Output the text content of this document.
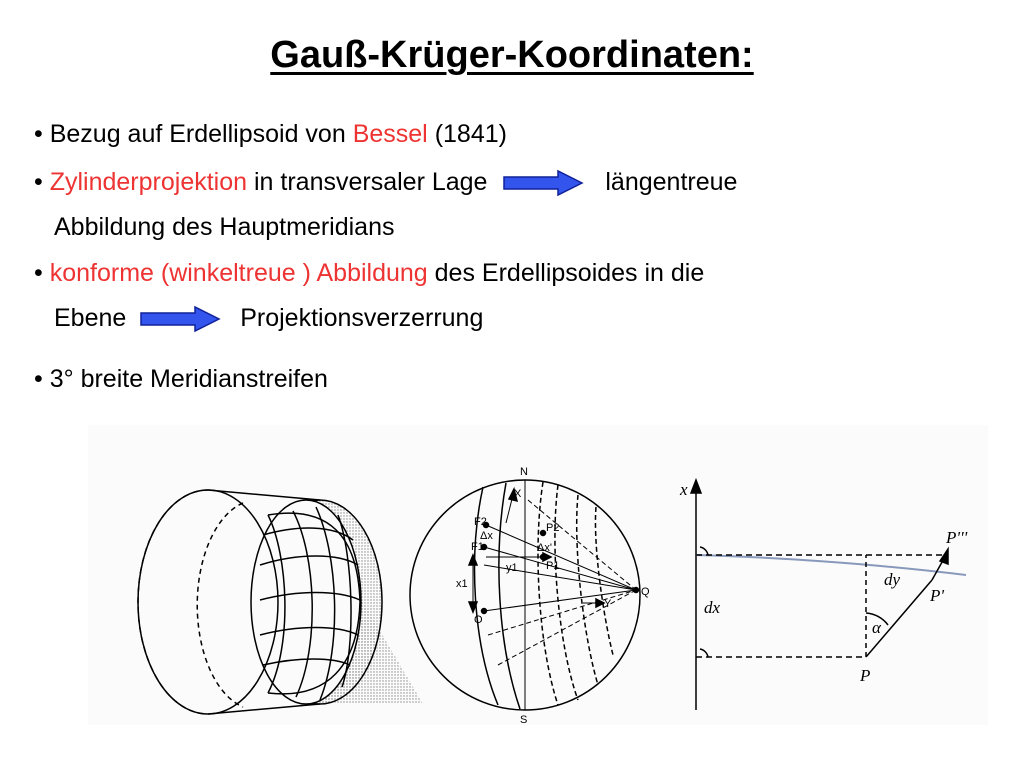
Gauß-Krüger-Koordinaten:
• Bezug auf Erdellipsoid von Bessel (1841)
• Zylinderprojektion in transversaler Lage	längentreue
Abbildung des Hauptmeridians
• konforme (winkeltreue ) Abbildung des Erdellipsoides in die
Ebene	Projektionsverzerrung
• 3° breite Meridianstreifen
N
S
Q
O
F2
F1
Δx
Δx'
P2
P1
x1
y1
Y
X	x
dx
dy
α
P
P'
P'''
